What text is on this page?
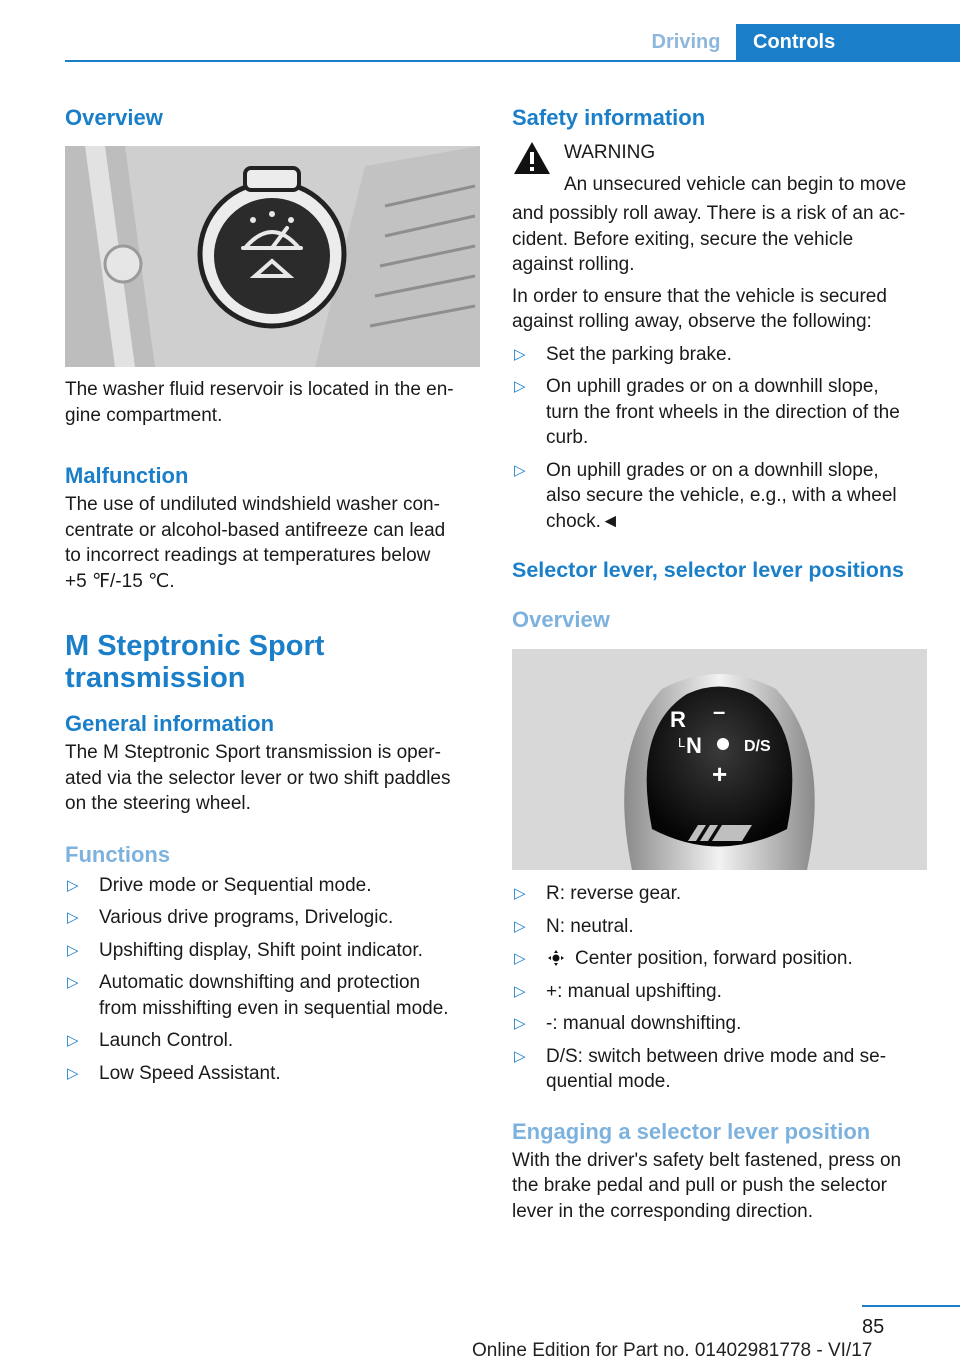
Driving	Controls
Overview

The washer fluid reservoir is located in the en-
gine compartment.

Malfunction

The use of undiluted windshield washer con-
centrate or alcohol-based antifreeze can lead
to incorrect readings at temperatures below
+5 ℉/-15 ℃.

M Steptronic Sport
transmission
General information

The M Steptronic Sport transmission is oper-
ated via the selector lever or two shift paddles
on the steering wheel.

Functions
▷ Drive mode or Sequential mode.
▷ Various drive programs, Drivelogic.
▷ Upshifting display, Shift point indicator.
▷ Automatic downshifting and protection
from misshifting even in sequential mode.
▷ Launch Control.
▷ Low Speed Assistant.
Safety information
WARNING
An unsecured vehicle can begin to move

and possibly roll away. There is a risk of an ac-
cident. Before exiting, secure the vehicle
against rolling.

In order to ensure that the vehicle is secured
against rolling away, observe the following:

▷ Set the parking brake.
▷ On uphill grades or on a downhill slope,
turn the front wheels in the direction of the
curb.
▷ On uphill grades or on a downhill slope,
also secure the vehicle, e.g., with a wheel
chock.◄
Selector lever, selector lever positions
Overview
R –
L N	D/S
+
▷ R: reverse gear.
▷ N: neutral.
▷	Center position, forward position.
▷ +: manual upshifting.
▷ -: manual downshifting.
▷ D/S: switch between drive mode and se-
quential mode.
Engaging a selector lever position

With the driver's safety belt fastened, press on
the brake pedal and pull or push the selector
lever in the corresponding direction.

85
Online Edition for Part no. 01402981778 - VI/17
